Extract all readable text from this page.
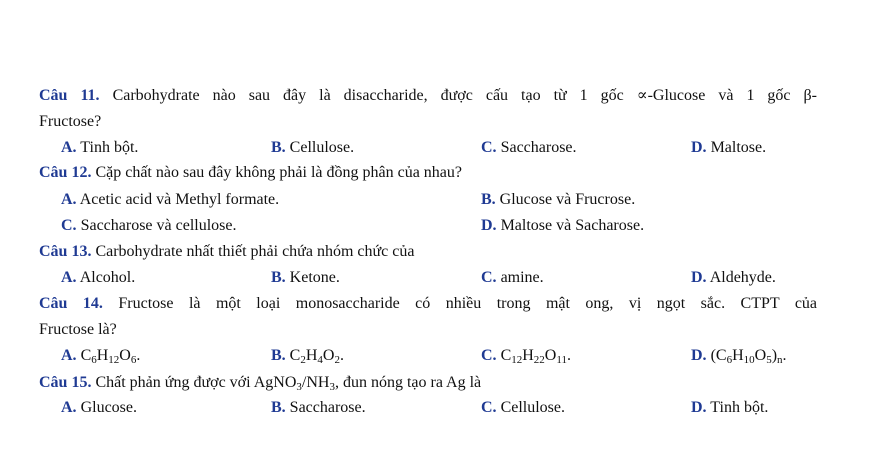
Câu 11. Carbohydrate nào sau đây là disaccharide, được cấu tạo từ 1 gốc ∝-Glucose và 1 gốc β-
Fructose?
A. Tinh bột.	B. Cellulose.	C. Saccharose.	D. Maltose.
Câu 12. Cặp chất nào sau đây không phải là đồng phân của nhau?
A. Acetic acid và Methyl formate.	B. Glucose và Frucrose.
C. Saccharose và cellulose.	D. Maltose và Sacharose.
Câu 13. Carbohydrate nhất thiết phải chứa nhóm chức của
A. Alcohol.	B. Ketone.	C. amine.	D. Aldehyde.
Câu 14. Fructose là một loại monosaccharide có nhiều trong mật ong, vị ngọt sắc. CTPT của
Fructose là?
A. $C_6H_{12}O_6$.	B. $C_2H_4O_2$.	C. $C_{12}H_{22}O_{11}$.	D. $(C_6H_{10}O_5)_n$.
Câu 15. Chất phản ứng được với $AgNO_3/NH_3$, đun nóng tạo ra Ag là
A. Glucose.	B. Saccharose.	C. Cellulose.	D. Tinh bột.
